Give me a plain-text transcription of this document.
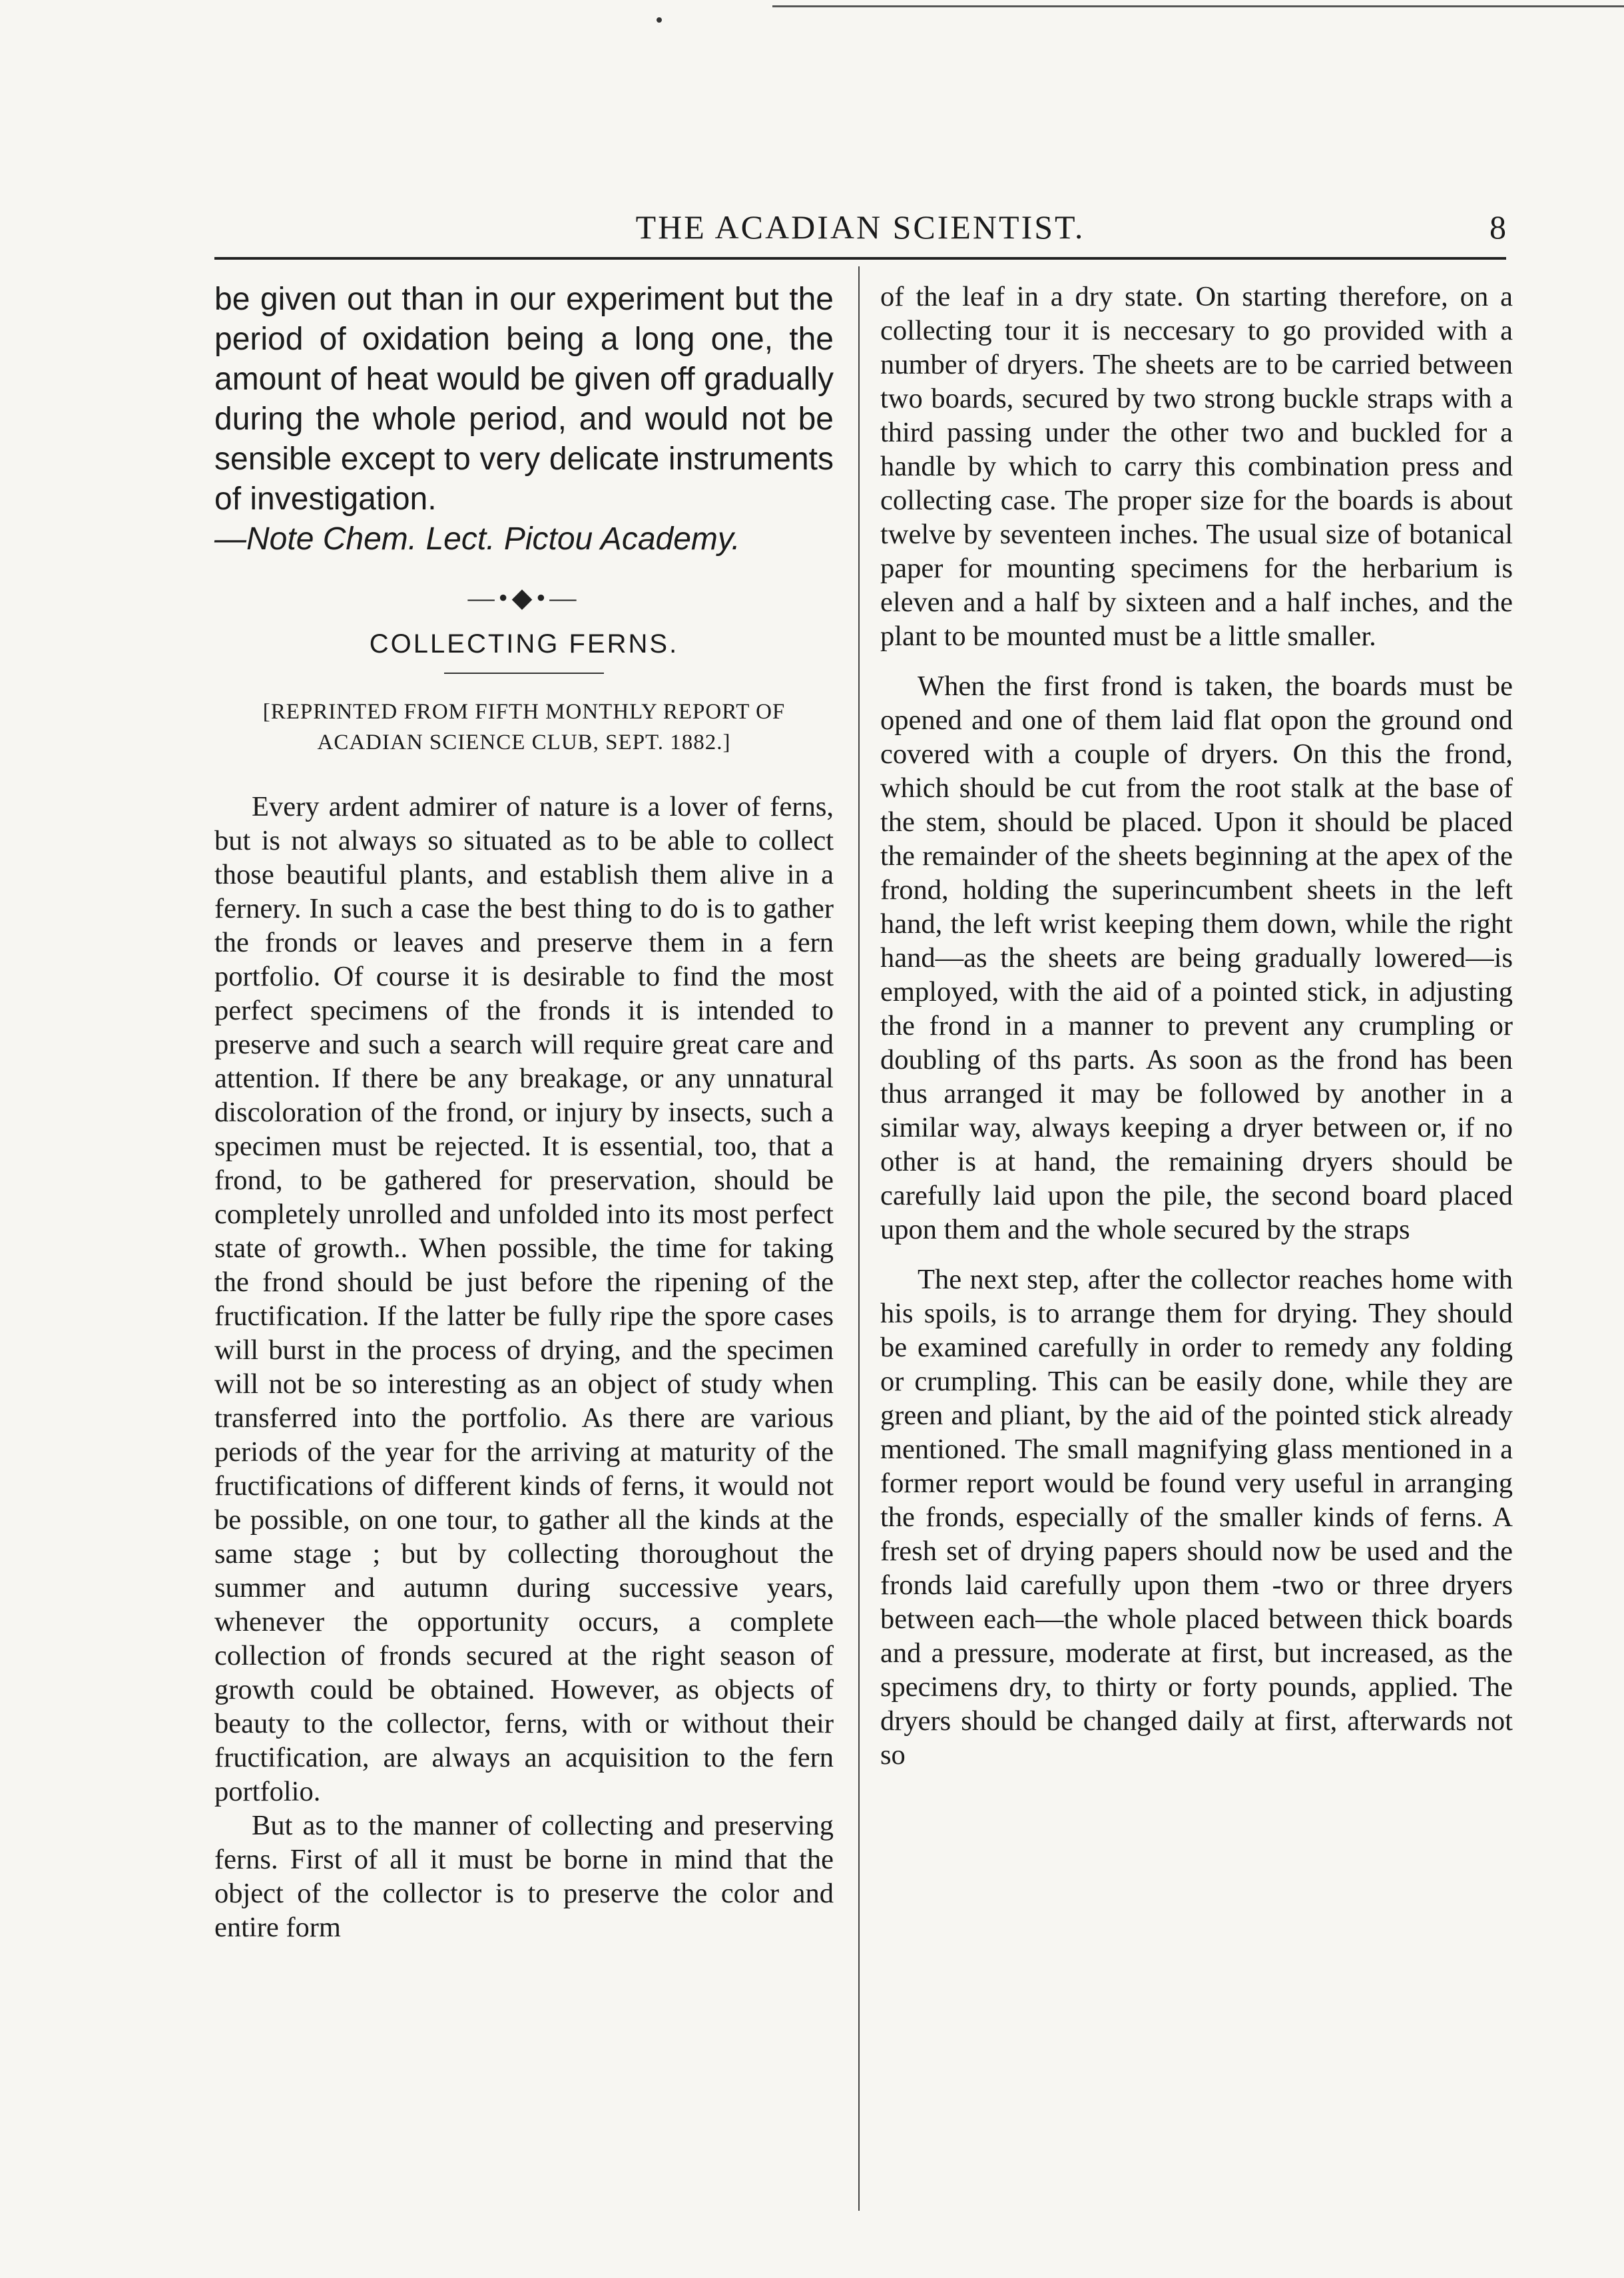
THE ACADIAN SCIENTIST.	8

be given out than in our experiment but the period of oxidation being a long one, the amount of heat would be given off gradually during the whole period, and would not be sensible except to very delicate instruments of investigation.

—Note Chem. Lect. Pictou Academy.

—•◆•—
COLLECTING FERNS.
[REPRINTED FROM FIFTH MONTHLY REPORT OF ACADIAN SCIENCE CLUB, SEPT. 1882.]

Every ardent admirer of nature is a lover of ferns, but is not always so situated as to be able to collect those beautiful plants, and establish them alive in a fernery. In such a case the best thing to do is to gather the fronds or leaves and preserve them in a fern portfolio. Of course it is desirable to find the most perfect specimens of the fronds it is intended to preserve and such a search will require great care and attention. If there be any breakage, or any unnatural discoloration of the frond, or injury by insects, such a specimen must be rejected. It is essential, too, that a frond, to be gathered for preservation, should be completely unrolled and unfolded into its most perfect state of growth.. When possible, the time for taking the frond should be just before the ripening of the fructification. If the latter be fully ripe the spore cases will burst in the process of drying, and the specimen will not be so interesting as an object of study when transferred into the portfolio. As there are various periods of the year for the arriving at maturity of the fructifications of different kinds of ferns, it would not be possible, on one tour, to gather all the kinds at the same stage ; but by collecting thoroughout the summer and autumn during successive years, whenever the opportunity occurs, a complete collection of fronds secured at the right season of growth could be obtained. However, as objects of beauty to the collector, ferns, with or without their fructification, are always an acquisition to the fern portfolio.

But as to the manner of collecting and preserving ferns. First of all it must be borne in mind that the object of the collector is to preserve the color and entire form

of the leaf in a dry state. On starting therefore, on a collecting tour it is neccesary to go provided with a number of dryers. The sheets are to be carried between two boards, secured by two strong buckle straps with a third passing under the other two and buckled for a handle by which to carry this combination press and collecting case. The proper size for the boards is about twelve by seventeen inches. The usual size of botanical paper for mounting specimens for the herbarium is eleven and a half by sixteen and a half inches, and the plant to be mounted must be a little smaller.

When the first frond is taken, the boards must be opened and one of them laid flat opon the ground ond covered with a couple of dryers. On this the frond, which should be cut from the root stalk at the base of the stem, should be placed. Upon it should be placed the remainder of the sheets beginning at the apex of the frond, holding the superincumbent sheets in the left hand, the left wrist keeping them down, while the right hand—as the sheets are being gradually lowered—is employed, with the aid of a pointed stick, in adjusting the frond in a manner to prevent any crumpling or doubling of ths parts. As soon as the frond has been thus arranged it may be followed by another in a similar way, always keeping a dryer between or, if no other is at hand, the remaining dryers should be carefully laid upon the pile, the second board placed upon them and the whole secured by the straps

The next step, after the collector reaches home with his spoils, is to arrange them for drying. They should be examined carefully in order to remedy any folding or crumpling. This can be easily done, while they are green and pliant, by the aid of the pointed stick already mentioned. The small magnifying glass mentioned in a former report would be found very useful in arranging the fronds, especially of the smaller kinds of ferns. A fresh set of drying papers should now be used and the fronds laid carefully upon them -two or three dryers between each—the whole placed between thick boards and a pressure, moderate at first, but increased, as the specimens dry, to thirty or forty pounds, applied. The dryers should be changed daily at first, afterwards not so
